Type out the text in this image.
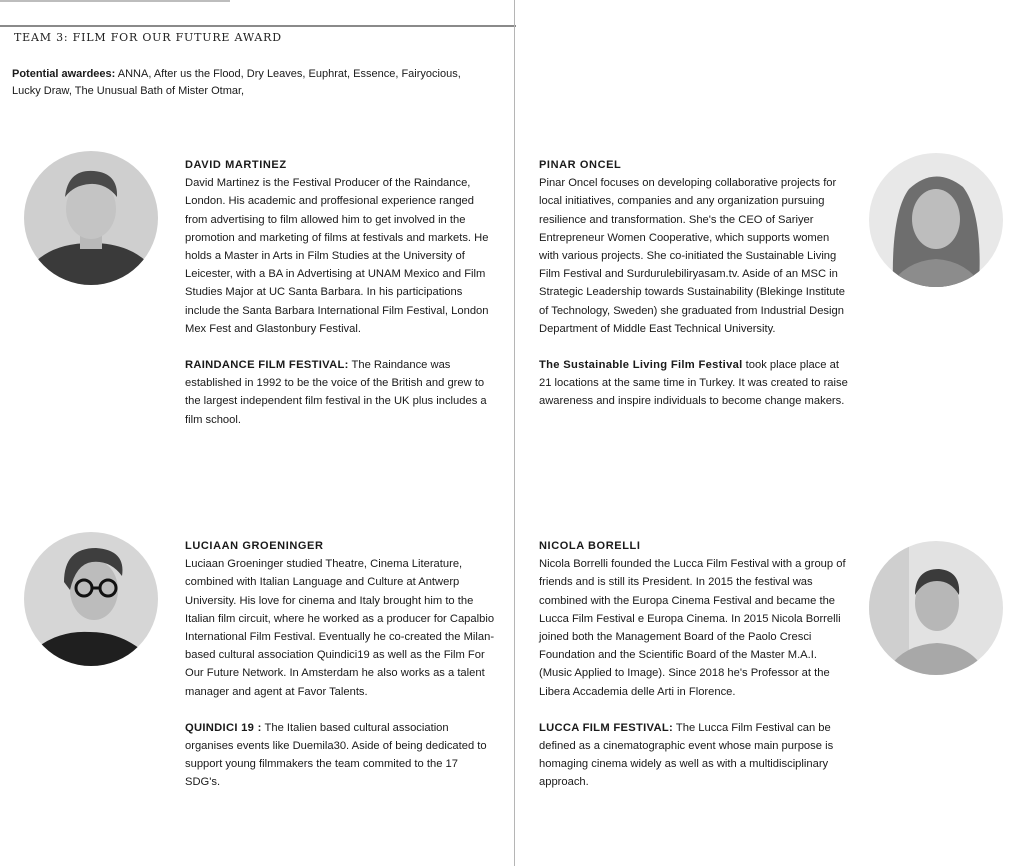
TEAM 3: FILM FOR OUR FUTURE AWARD
Potential awardees: ANNA, After us the Flood, Dry Leaves, Euphrat, Essence, Fairyocious, Lucky Draw, The Unusual Bath of Mister Otmar,
DAVID MARTINEZ

David Martinez is the Festival Producer of the Raindance, London. His academic and proffesional experience ranged from advertising to film allowed him to get involved in the promotion and marketing of films at festivals and markets. He holds a Master in Arts in Film Studies at the University of Leicester, with a BA in Advertising at UNAM Mexico and Film Studies Major at UC Santa Barbara. In his participations include the Santa Barbara International Film Festival, London Mex Fest and Glastonbury Festival.

RAINDANCE FILM FESTIVAL: The Raindance was established in 1992 to be the voice of the British and grew to the largest independent film festival in the UK plus includes a film school.

PINAR ONCEL

Pinar Oncel focuses on developing collaborative projects for local initiatives, companies and any organization pursuing resilience and transformation. She's the CEO of Sariyer Entrepreneur Women Cooperative, which supports women with various projects. She co-initiated the Sustainable Living Film Festival and Surdurulebiliryasam.tv. Aside of an MSC in Strategic Leadership towards Sustainability (Blekinge Institute of Technology, Sweden) she graduated from Industrial Design Department of Middle East Technical University.

The Sustainable Living Film Festival took place place at 21 locations at the same time in Turkey. It was created to raise awareness and inspire individuals to become change makers.

LUCIAAN GROENINGER

Luciaan Groeninger studied Theatre, Cinema Literature, combined with Italian Language and Culture at Antwerp University. His love for cinema and Italy brought him to the Italian film circuit, where he worked as a producer for Capalbio International Film Festival. Eventually he co-created the Milan-based cultural association Quindici19 as well as the Film For Our Future Network. In Amsterdam he also works as a talent manager and agent at Favor Talents.

QUINDICI 19 : The Italien based cultural association organises events like Duemila30. Aside of being dedicated to support young filmmakers the team commited to the 17 SDG's.

NICOLA BORELLI

Nicola Borrelli founded the Lucca Film Festival with a group of friends and is still its President. In 2015 the festival was combined with the Europa Cinema Festival and became the Lucca Film Festival e Europa Cinema. In 2015 Nicola Borrelli joined both the Management Board of the Paolo Cresci Foundation and the Scientific Board of the Master M.A.I. (Music Applied to Image). Since 2018 he's Professor at the Libera Accademia delle Arti in Florence.

LUCCA FILM FESTIVAL: The Lucca Film Festival can be defined as a cinematographic event whose main purpose is homaging cinema widely as well as with a multidisciplinary approach.
